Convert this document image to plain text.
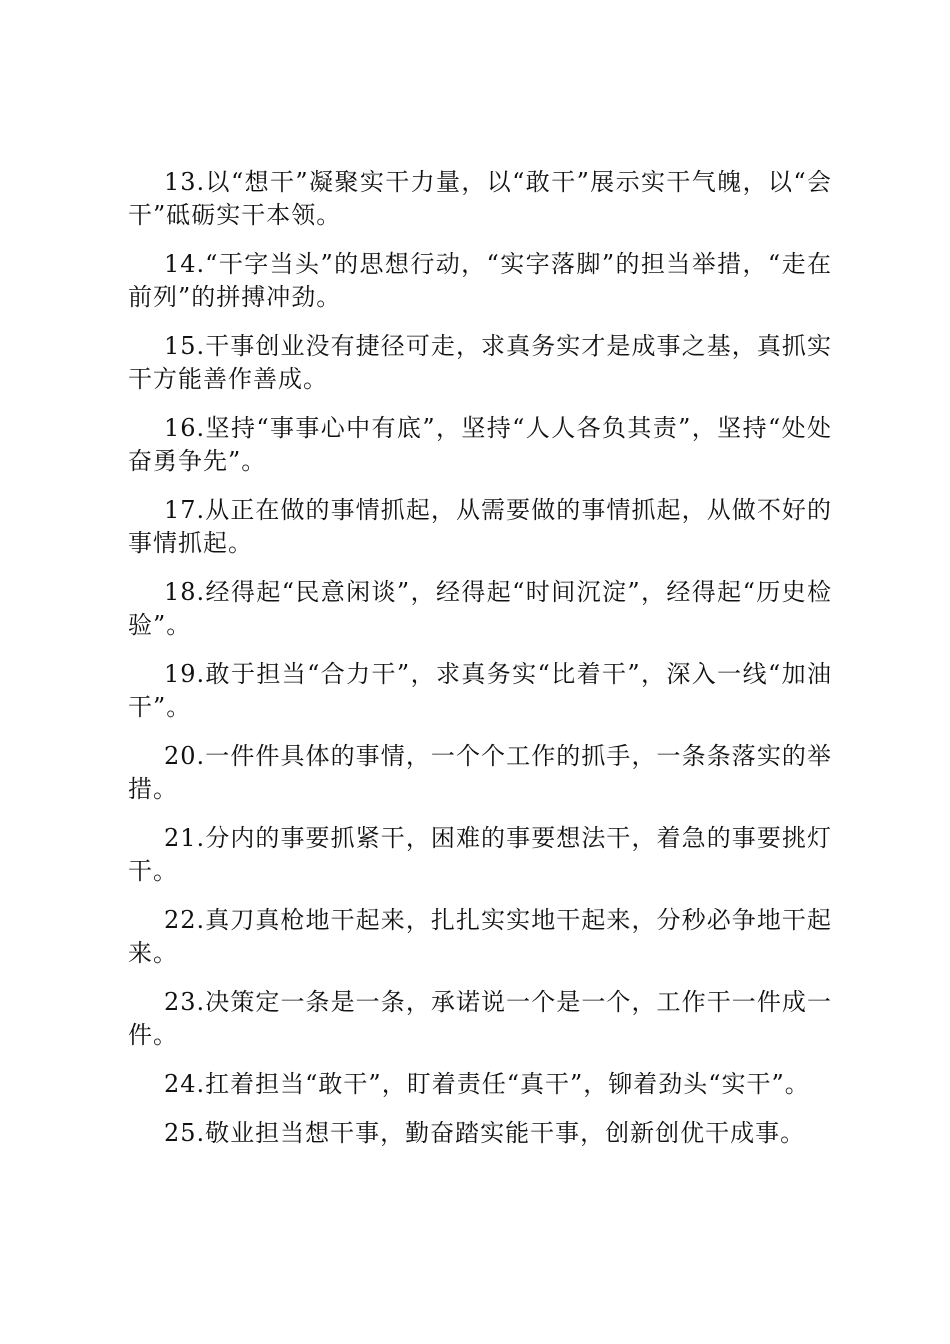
13.以“想干”凝聚实干力量，以“敢干”展示实干气魄，以“会干”砥砺实干本领。

14.“干字当头”的思想行动，“实字落脚”的担当举措，“走在前列”的拼搏冲劲。

15.干事创业没有捷径可走，求真务实才是成事之基，真抓实干方能善作善成。

16.坚持“事事心中有底”，坚持“人人各负其责”，坚持“处处奋勇争先”。

17.从正在做的事情抓起，从需要做的事情抓起，从做不好的事情抓起。

18.经得起“民意闲谈”，经得起“时间沉淀”，经得起“历史检验”。

19.敢于担当“合力干”，求真务实“比着干”，深入一线“加油干”。

20.一件件具体的事情，一个个工作的抓手，一条条落实的举措。

21.分内的事要抓紧干，困难的事要想法干，着急的事要挑灯干。

22.真刀真枪地干起来，扎扎实实地干起来，分秒必争地干起来。

23.决策定一条是一条，承诺说一个是一个，工作干一件成一件。

24.扛着担当“敢干”，盯着责任“真干”，铆着劲头“实干”。

25.敬业担当想干事，勤奋踏实能干事，创新创优干成事。
